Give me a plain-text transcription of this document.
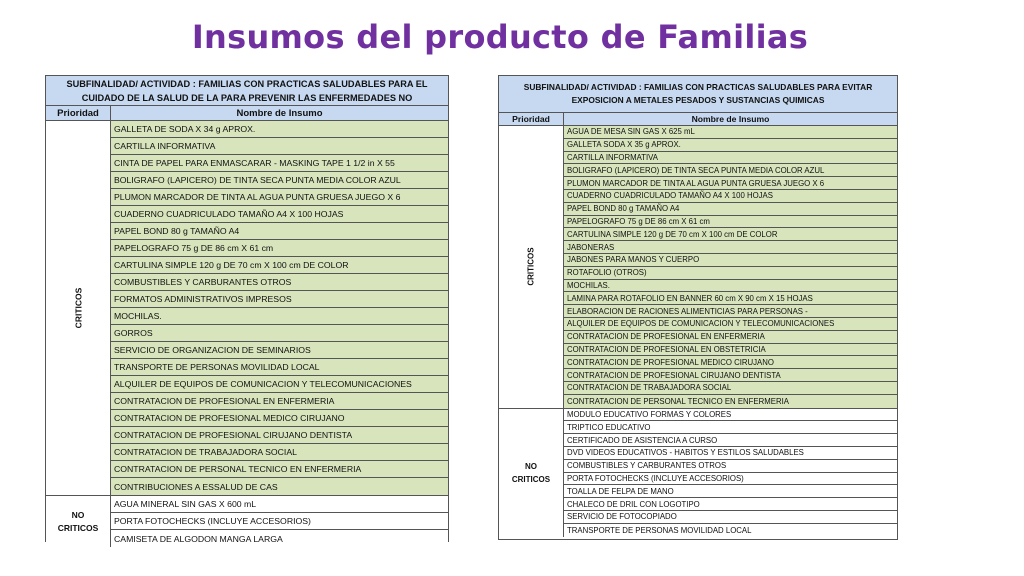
Insumos del producto de Familias
SUBFINALIDAD/ ACTIVIDAD : FAMILIAS CON PRACTICAS SALUDABLES PARA EL CUIDADO DE LA SALUD DE LA PARA PREVENIR LAS ENFERMEDADES NO
Prioridad	Nombre de Insumo
CRITICOS
GALLETA DE SODA X 34 g APROX.
CARTILLA INFORMATIVA
CINTA DE PAPEL PARA ENMASCARAR - MASKING TAPE 1 1/2 in X 55
BOLIGRAFO (LAPICERO) DE TINTA SECA PUNTA MEDIA COLOR AZUL
PLUMON MARCADOR DE TINTA AL AGUA PUNTA GRUESA JUEGO X 6
CUADERNO CUADRICULADO TAMAÑO A4 X 100 HOJAS
PAPEL BOND 80 g TAMAÑO A4
PAPELOGRAFO 75 g DE 86 cm X 61 cm
CARTULINA SIMPLE 120 g DE 70 cm X 100 cm DE COLOR
COMBUSTIBLES Y CARBURANTES OTROS
FORMATOS ADMINISTRATIVOS IMPRESOS
MOCHILAS.
GORROS
SERVICIO DE ORGANIZACION DE SEMINARIOS
TRANSPORTE DE PERSONAS MOVILIDAD LOCAL
ALQUILER DE EQUIPOS DE COMUNICACION Y TELECOMUNICACIONES
CONTRATACION DE PROFESIONAL EN ENFERMERIA
CONTRATACION DE PROFESIONAL MEDICO CIRUJANO
CONTRATACION DE PROFESIONAL CIRUJANO DENTISTA
CONTRATACION DE TRABAJADORA SOCIAL
CONTRATACION DE PERSONAL TECNICO EN ENFERMERIA
CONTRIBUCIONES A ESSALUD DE CAS
NO
CRITICOS
AGUA MINERAL SIN GAS X 600 mL
PORTA FOTOCHECKS (INCLUYE ACCESORIOS)
CAMISETA DE ALGODON MANGA LARGA
SUBFINALIDAD/ ACTIVIDAD : FAMILIAS CON PRACTICAS SALUDABLES PARA EVITAR EXPOSICION A METALES PESADOS Y SUSTANCIAS QUIMICAS
Prioridad	Nombre de Insumo
CRITICOS
AGUA DE MESA SIN GAS X 625 mL
GALLETA SODA X 35 g APROX.
CARTILLA INFORMATIVA
BOLIGRAFO (LAPICERO) DE TINTA SECA PUNTA MEDIA COLOR AZUL
PLUMON MARCADOR DE TINTA AL AGUA PUNTA GRUESA JUEGO X 6
CUADERNO CUADRICULADO TAMAÑO A4 X 100 HOJAS
PAPEL BOND 80 g TAMAÑO A4
PAPELOGRAFO 75 g DE 86 cm X 61 cm
CARTULINA SIMPLE 120 g DE 70 cm X 100 cm DE COLOR
JABONERAS
JABONES PARA MANOS Y CUERPO
ROTAFOLIO (OTROS)
MOCHILAS.
LAMINA PARA ROTAFOLIO EN BANNER 60 cm X 90 cm X 15 HOJAS
ELABORACION DE RACIONES ALIMENTICIAS PARA PERSONAS -
ALQUILER DE EQUIPOS DE COMUNICACION Y TELECOMUNICACIONES
CONTRATACION DE PROFESIONAL EN ENFERMERIA
CONTRATACION DE PROFESIONAL EN OBSTETRICIA
CONTRATACION DE PROFESIONAL MEDICO CIRUJANO
CONTRATACION DE PROFESIONAL CIRUJANO DENTISTA
CONTRATACION DE TRABAJADORA SOCIAL
CONTRATACION DE PERSONAL TECNICO EN ENFERMERIA
NO
CRITICOS
MODULO EDUCATIVO FORMAS Y COLORES
TRIPTICO EDUCATIVO
CERTIFICADO DE ASISTENCIA A CURSO
DVD VIDEOS EDUCATIVOS - HABITOS Y ESTILOS SALUDABLES
COMBUSTIBLES Y CARBURANTES OTROS
PORTA FOTOCHECKS (INCLUYE ACCESORIOS)
TOALLA DE FELPA DE MANO
CHALECO DE DRIL CON LOGOTIPO
SERVICIO DE FOTOCOPIADO
TRANSPORTE DE PERSONAS MOVILIDAD LOCAL
